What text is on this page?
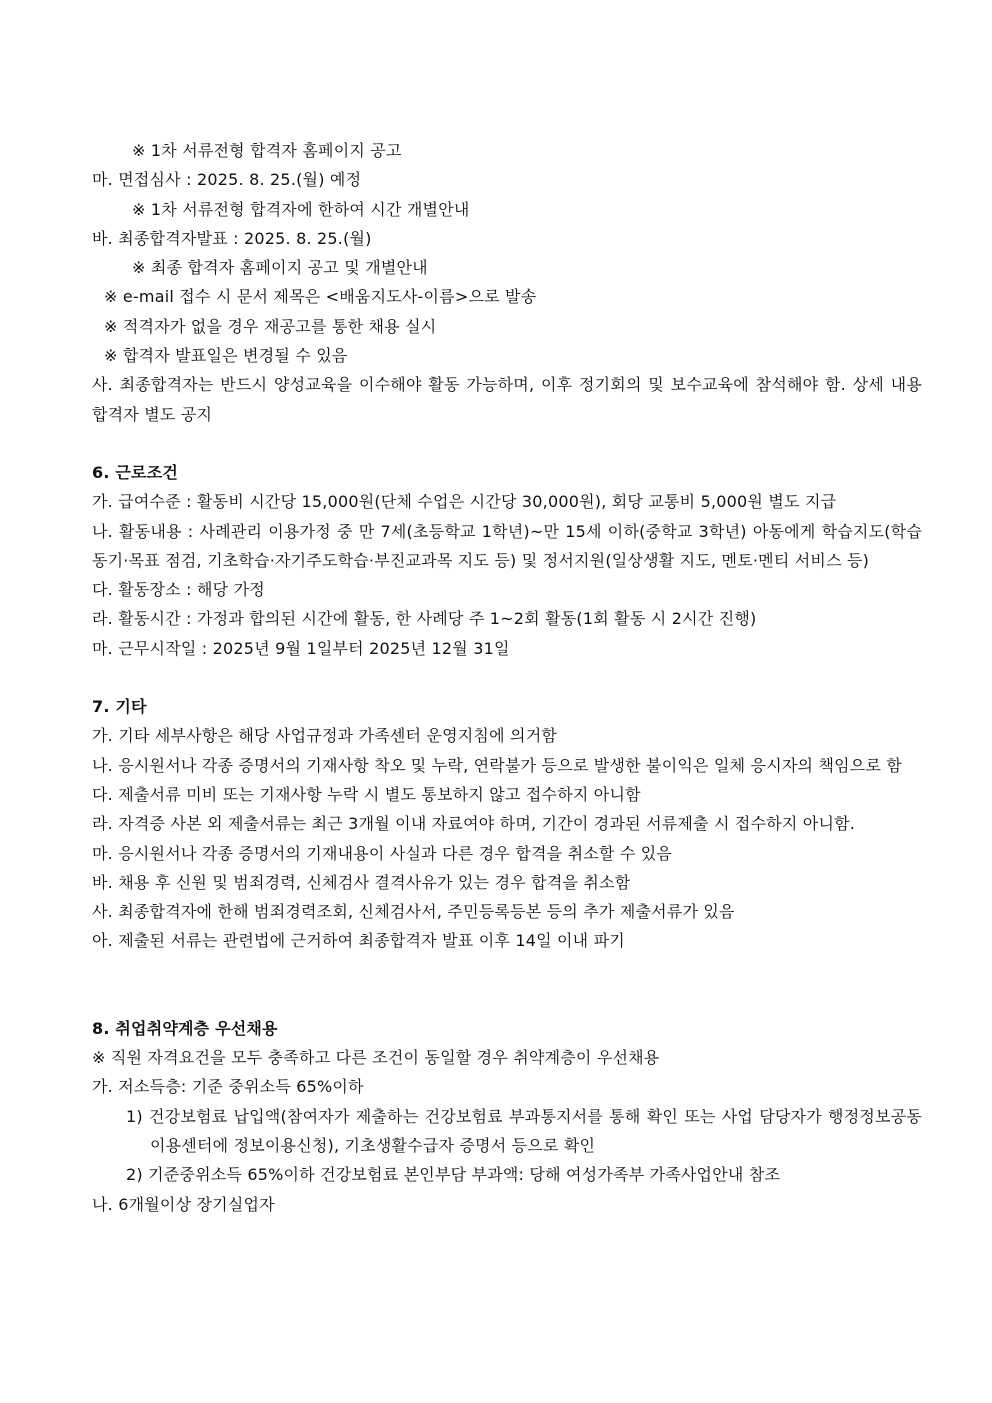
※ 1차 서류전형 합격자 홈페이지 공고
마. 면접심사 : 2025. 8. 25.(월) 예정
※ 1차 서류전형 합격자에 한하여 시간 개별안내
바. 최종합격자발표 : 2025. 8. 25.(월)
※ 최종 합격자 홈페이지 공고 및 개별안내
※ e-mail 접수 시 문서 제목은 <배움지도사-이름>으로 발송
※ 적격자가 없을 경우 재공고를 통한 채용 실시
※ 합격자 발표일은 변경될 수 있음
사. 최종합격자는 반드시 양성교육을 이수해야 활동 가능하며, 이후 정기회의 및 보수교육에 참석해야 함. 상세 내용 합격자 별도 공지
6. 근로조건
가. 급여수준 : 활동비 시간당 15,000원(단체 수업은 시간당 30,000원), 회당 교통비 5,000원 별도 지급
나. 활동내용 : 사례관리 이용가정 중 만 7세(초등학교 1학년)~만 15세 이하(중학교 3학년) 아동에게 학습지도(학습 동기·목표 점검, 기초학습·자기주도학습·부진교과목 지도 등) 및 정서지원(일상생활 지도, 멘토·멘티 서비스 등)
다. 활동장소 : 해당 가정
라. 활동시간 : 가정과 합의된 시간에 활동, 한 사례당 주 1~2회 활동(1회 활동 시 2시간 진행)
마. 근무시작일 : 2025년 9월 1일부터 2025년 12월 31일
7. 기타
가. 기타 세부사항은 해당 사업규정과 가족센터 운영지침에 의거함
나. 응시원서나 각종 증명서의 기재사항 착오 및 누락, 연락불가 등으로 발생한 불이익은 일체 응시자의 책임으로 함
다. 제출서류 미비 또는 기재사항 누락 시 별도 통보하지 않고 접수하지 아니함
라. 자격증 사본 외 제출서류는 최근 3개월 이내 자료여야 하며, 기간이 경과된 서류제출 시 접수하지 아니함.
마. 응시원서나 각종 증명서의 기재내용이 사실과 다른 경우 합격을 취소할 수 있음
바. 채용 후 신원 및 범죄경력, 신체검사 결격사유가 있는 경우 합격을 취소함
사. 최종합격자에 한해 범죄경력조회, 신체검사서, 주민등록등본 등의 추가 제출서류가 있음
아. 제출된 서류는 관련법에 근거하여 최종합격자 발표 이후 14일 이내 파기
8. 취업취약계층 우선채용
※ 직원 자격요건을 모두 충족하고 다른 조건이 동일할 경우 취약계층이 우선채용
가. 저소득층: 기준 중위소득 65%이하
1) 건강보험료 납입액(참여자가 제출하는 건강보험료 부과통지서를 통해 확인 또는 사업 담당자가 행정정보공동이용센터에 정보이용신청), 기초생활수급자 증명서 등으로 확인
2) 기준중위소득 65%이하 건강보험료 본인부담 부과액: 당해 여성가족부 가족사업안내 참조
나. 6개월이상 장기실업자
